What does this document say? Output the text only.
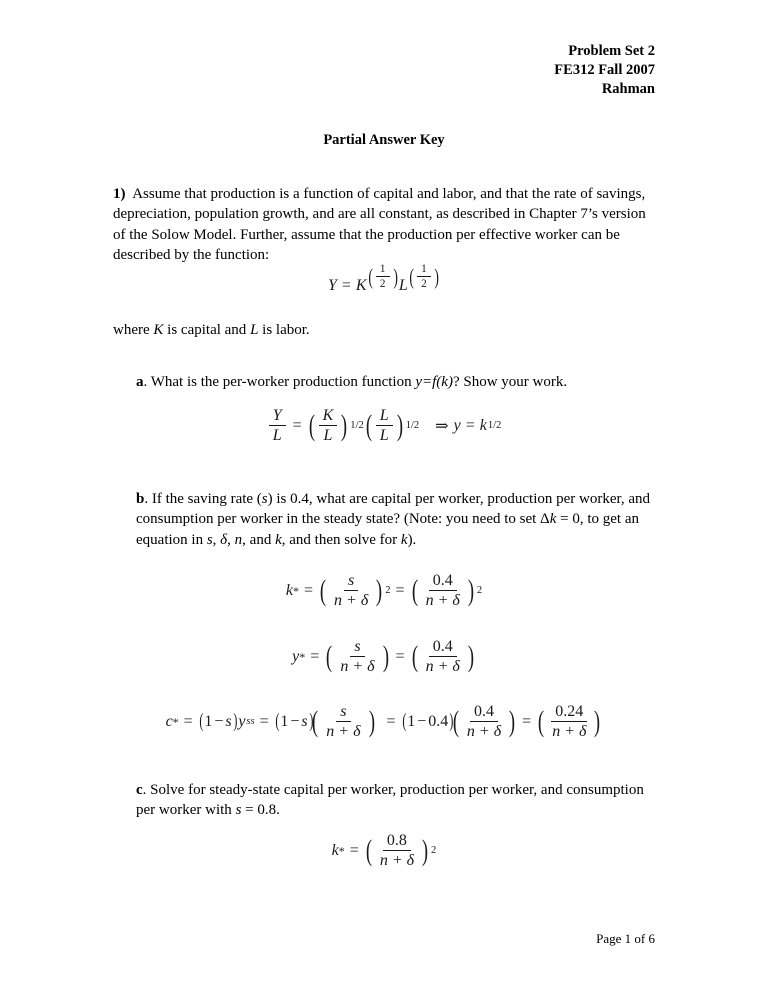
Problem Set 2
FE312 Fall 2007
Rahman
Partial Answer Key
1) Assume that production is a function of capital and labor, and that the rate of savings, depreciation, population growth, and are all constant, as described in Chapter 7’s version of the Solow Model. Further, assume that the production per effective worker can be described by the function:
Y = K ( $\frac{1}{2}$ ) L ( $\frac{1}{2}$ )
where K is capital and L is labor.
a. What is the per-worker production function y=f(k)? Show your work.
$\frac{Y}{L}$ = ( $\frac{K}{L}$ ) 1/2 ( $\frac{L}{L}$ ) 1/2 ⇒ y = k 1/2
b. If the saving rate (s) is 0.4, what are capital per worker, production per worker, and consumption per worker in the steady state? (Note: you need to set Δk = 0, to get an equation in s, δ, n, and k, and then solve for k).
k * = ( $\frac{s}{n + \delta}$ ) 2 = ( $\frac{0.4}{n + \delta}$ ) 2
y * = ( $\frac{s}{n + \delta}$ ) = ( $\frac{0.4}{n + \delta}$ )
c * = ( 1 − s ) y ss = ( 1 − s ) ( $\frac{s}{n + \delta}$ ) = ( 1 − 0.4 ) ( $\frac{0.4}{n + \delta}$ ) = ( $\frac{0.24}{n + \delta}$ )
c. Solve for steady-state capital per worker, production per worker, and consumption per worker with s = 0.8.
k * = ( $\frac{0.8}{n + \delta}$ ) 2
Page 1 of 6
